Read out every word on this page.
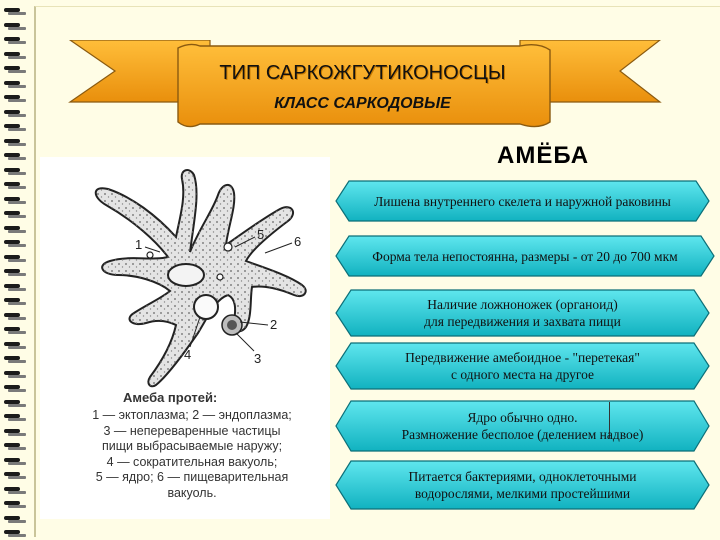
ТИП САРКОЖГУТИКОНОСЦЫ
КЛАСС САРКОДОВЫЕ
АМЁБА
5 6
2
3
4
1
Амеба протей:
1 — эктоплазма; 2 — эндоплазма;
3 — непереваренные частицы
пищи выбрасываемые наружу;
4 — сократительная вакуоль;
5 — ядро; 6 — пищеварительная
вакуоль.
Лишена внутреннего скелета и наружной раковины
Форма тела непостоянна, размеры - от 20 до 700 мкм
Наличие ложноножек (органоид)
для передвижения и захвата пищи
Передвижение амебоидное - "перетекая"
с одного места на другое
Ядро обычно одно.
Размножение бесполое (делением надвое)
Питается бактериями, одноклеточными
водорослями, мелкими простейшими
